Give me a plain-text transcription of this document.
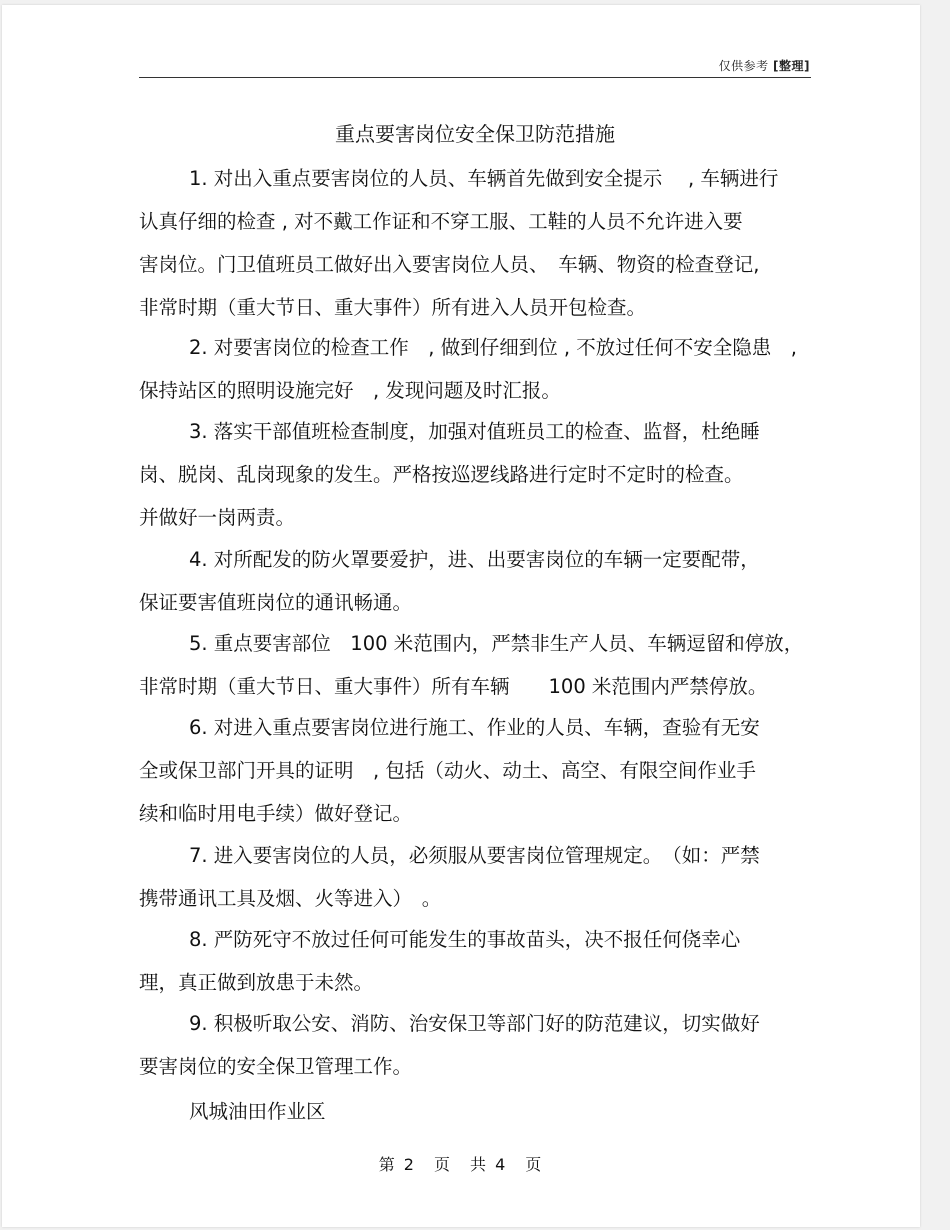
仅供参考 [整理]
重点要害岗位安全保卫防范措施
1. 对出入重点要害岗位的人员、车辆首先做到安全提示　 , 车辆进行
认真仔细的检查 , 对不戴工作证和不穿工服、工鞋的人员不允许进入要
害岗位。门卫值班员工做好出入要害岗位人员、　车辆、物资的检查登记,
非常时期（重大节日、重大事件）所有进入人员开包检查。
2. 对要害岗位的检查工作　, 做到仔细到位 , 不放过任何不安全隐患　,
保持站区的照明设施完好　, 发现问题及时汇报。
3. 落实干部值班检查制度，加强对值班员工的检查、监督，杜绝睡
岗、脱岗、乱岗现象的发生。严格按巡逻线路进行定时不定时的检查。
并做好一岗两责。
4. 对所配发的防火罩要爱护，进、出要害岗位的车辆一定要配带，
保证要害值班岗位的通讯畅通。
5. 重点要害部位　100 米范围内，严禁非生产人员、车辆逗留和停放，
非常时期（重大节日、重大事件）所有车辆　　100 米范围内严禁停放。
6. 对进入重点要害岗位进行施工、作业的人员、车辆，查验有无安
全或保卫部门开具的证明　, 包括（动火、动土、高空、有限空间作业手
续和临时用电手续）做好登记。
7. 进入要害岗位的人员，必须服从要害岗位管理规定。　（如：严禁
携带通讯工具及烟、火等进入）　。
8. 严防死守不放过任何可能发生的事故苗头，决不报任何侥幸心
理，真正做到放患于未然。
9. 积极听取公安、消防、治安保卫等部门好的防范建议，切实做好
要害岗位的安全保卫管理工作。
风城油田作业区
第 2　页　共 4　页
